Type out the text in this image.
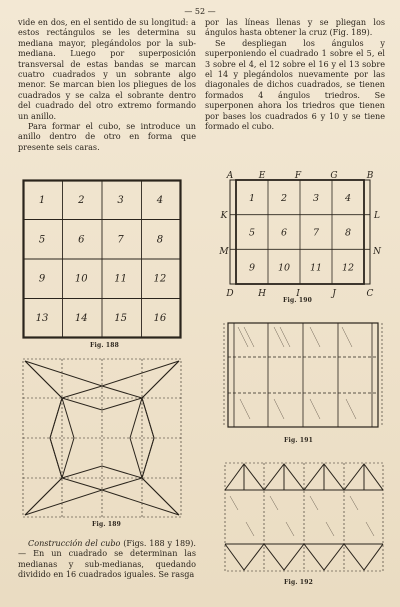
— 52 —

vide en dos, en el sentido de su longitud: a estos rectángulos se les determina su mediana mayor, plegándolos por la sub-mediana. Luego por superposición transversal de estas bandas se marcan cuatro cuadrados y un sobrante algo menor. Se marcan bien los pliegues de los cuadrados y se calza el sobrante dentro del cuadrado del otro extremo formando un anillo.

Para formar el cubo, se introduce un anillo dentro de otro en forma que presente seis caras.

por las líneas llenas y se pliegan los ángulos hasta obtener la cruz (Fig. 189).

Se despliegan los ángulos y superponiendo el cuadrado 1 sobre el 5, el 3 sobre el 4, el 12 sobre el 16 y el 13 sobre el 14 y plegándolos nuevamente por las diagonales de dichos cuadrados, se tienen formados 4 ángulos triedros. Se superponen ahora los triedros que tienen por bases los cuadrados 6 y 10 y se tiene formado el cubo.

1	2	3	4
5	6	7	8
9	10	11	12
13	14	15	16
Fig. 188
Fig. 189

Construcción del cubo (Figs. 188 y 189). — En un cuadrado se determinan las medianas y sub-medianas, quedando dividido en 16 cuadrados iguales. Se rasga

A	E	F	G	B
D	H	I	J	C
K
M
L
N
1	2	3	4
5	6	7	8
9 10 11 12
Fig. 190
Fig. 191
Fig. 192
